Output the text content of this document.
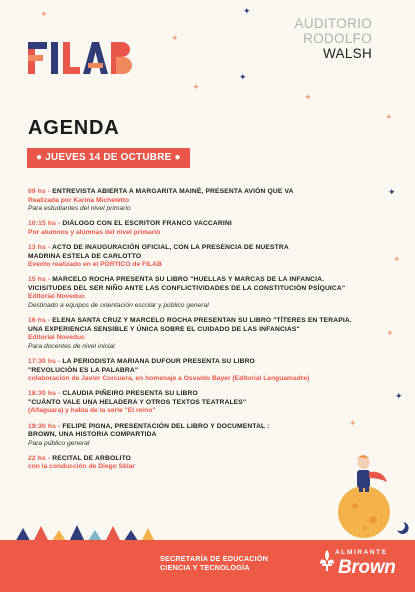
✦
✦
✦
✦
✦
✦
✦
✦
✦
✦
✦
✦
AUDITORIO
RODOLFO
WALSH
AGENDA
● JUEVES 14 DE OCTUBRE ●
09 hs - ENTREVISTA ABIERTA A MARGARITA MAINÉ, PRESENTA AVIÓN QUE VA
Realizada por Karina Micheletto
Para estudiantes del nivel primario
10:15 hs - DIÁLOGO CON EL ESCRITOR FRANCO VACCARINI
Por alumnos y alumnas del nivel primario
13 hs - ACTO DE INAUGURACIÓN OFICIAL, CON LA PRESENCIA DE NUESTRA
MADRINA ESTELA DE CARLOTTO
Evento realizado en el PÓRTICO de FILAB
15 hs - MARCELO ROCHA PRESENTA SU LIBRO "HUELLAS Y MARCAS DE LA INFANCIA.
VICISITUDES DEL SER NIÑO ANTE LAS CONFLICTIVIDADES DE LA CONSTITUCIÓN PSÍQUICA"
Editorial Noveduc
Destinado a equipos de orientación escolar y público general
16 hs - ELENA SANTA CRUZ Y MARCELO ROCHA PRESENTAN SU LIBRO "TÍTERES EN TERAPIA.
UNA EXPERIENCIA SENSIBLE Y ÚNICA SOBRE EL CUIDADO DE LAS INFANCIAS"
Editorial Noveduc
Para docentes de nivel inicial
17:30 hs - LA PERIODISTA MARIANA DUFOUR PRESENTA SU LIBRO
"REVOLUCIÓN ES LA PALABRA"
colaboración de Javier Corcuera, en homenaje a Osvaldo Bayer (Editorial Lenguamadre)
18:30 hs - CLAUDIA PIÑEIRO PRESENTA SU LIBRO
"CUÁNTO VALE UNA HELADERA Y OTROS TEXTOS TEATRALES"
(Alfaguara) y habla de la serie "El reino"
19:30 hs - FELIPE PIGNA, PRESENTACIÓN DEL LIBRO Y DOCUMENTAL :
BROWN, UNA HISTORIA COMPARTIDA
Para público general
22 hs - RECITAL DE ARBOLITO
con la conducción de Diego Sklar
SECRETARÍA DE EDUCACIÓN
CIENCIA Y TECNOLOGÍA
ALMIRANTE
Brown
